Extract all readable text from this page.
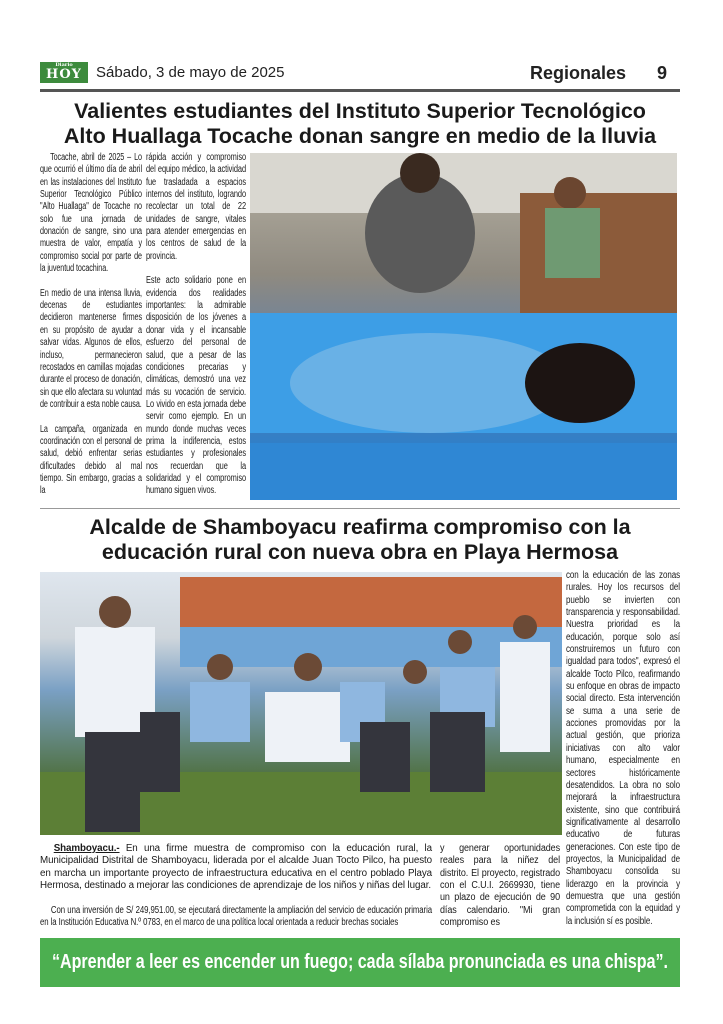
Diario
HOY Sábado, 3 de mayo de 2025	Regionales 9
Valientes estudiantes del Instituto Superior Tecnológico
Alto Huallaga Tocache donan sangre en medio de la lluvia

Tocache, abril de 2025 – Lo que ocurrió el último día de abril en las instalaciones del Instituto Superior Tecnológico Público "Alto Huallaga" de Tocache no solo fue una jornada de donación de sangre, sino una muestra de valor, empatía y compromiso social por parte de la juventud tocachina.

En medio de una intensa lluvia, decenas de estudiantes decidieron mantenerse firmes en su propósito de ayudar a salvar vidas. Algunos de ellos, incluso, permanecieron recostados en camillas mojadas durante el proceso de donación, sin que ello afectara su voluntad de contribuir a esta noble causa.

La campaña, organizada en coordinación con el personal de salud, debió enfrentar serias dificultades debido al mal tiempo. Sin embargo, gracias a la

rápida acción y compromiso del equipo médico, la actividad fue trasladada a espacios internos del instituto, logrando recolectar un total de 22 unidades de sangre, vitales para atender emergencias en los centros de salud de la provincia.

Este acto solidario pone en evidencia dos realidades importantes: la admirable disposición de los jóvenes a donar vida y el incansable esfuerzo del personal de salud, que a pesar de las condiciones precarias y climáticas, demostró una vez más su vocación de servicio. Lo vivido en esta jornada debe servir como ejemplo. En un mundo donde muchas veces prima la indiferencia, estos estudiantes y profesionales nos recuerdan que la solidaridad y el compromiso humano siguen vivos.

Alcalde de Shamboyacu reafirma compromiso con la
educación rural con nueva obra en Playa Hermosa

Shamboyacu.- En una firme muestra de compromiso con la educación rural, la Municipalidad Distrital de Shamboyacu, liderada por el alcalde Juan Tocto Pilco, ha puesto en marcha un importante proyecto de infraestructura educativa en el centro poblado Playa Hermosa, destinado a mejorar las condiciones de aprendizaje de los niños y niñas del lugar.

Con una inversión de S/ 249,951.00, se ejecutará directamente la ampliación del servicio de educación primaria en la Institución Educativa N.º 0783, en el marco de una política local orientada a reducir brechas sociales

y generar oportunidades reales para la niñez del distrito. El proyecto, registrado con el C.U.I. 2669930, tiene un plazo de ejecución de 90 días calendario. "Mi gran compromiso es

con la educación de las zonas rurales. Hoy los recursos del pueblo se invierten con transparencia y responsabilidad. Nuestra prioridad es la educación, porque solo así construiremos un futuro con igualdad para todos", expresó el alcalde Tocto Pilco, reafirmando su enfoque en obras de impacto social directo. Esta intervención se suma a una serie de acciones promovidas por la actual gestión, que prioriza iniciativas con alto valor humano, especialmente en sectores históricamente desatendidos. La obra no solo mejorará la infraestructura existente, sino que contribuirá significativamente al desarrollo educativo de futuras generaciones. Con este tipo de proyectos, la Municipalidad de Shamboyacu consolida su liderazgo en la provincia y demuestra que una gestión comprometida con la equidad y la inclusión sí es posible.

“Aprender a leer es encender un fuego; cada sílaba pronunciada es una chispa”.
